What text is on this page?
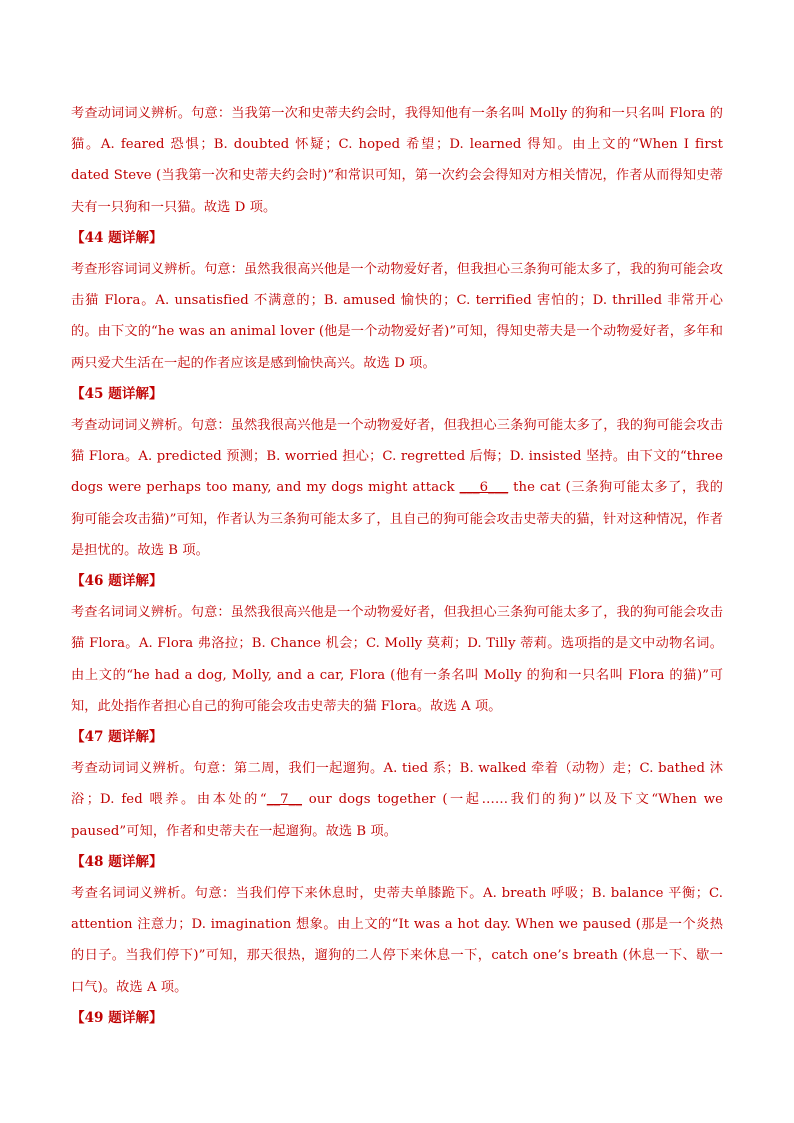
考查动词词义辨析。句意：当我第一次和史蒂夫约会时，我得知他有一条名叫 Molly 的狗和一只名叫 Flora 的猫。A. feared 恐惧；B. doubted 怀疑；C. hoped 希望；D. learned 得知。由上文的“When I first dated Steve (当我第一次和史蒂夫约会时)”和常识可知，第一次约会会得知对方相关情况，作者从而得知史蒂夫有一只狗和一只猫。故选 D 项。

【44 题详解】

考查形容词词义辨析。句意：虽然我很高兴他是一个动物爱好者，但我担心三条狗可能太多了，我的狗可能会攻击猫 Flora。A. unsatisfied 不满意的；B. amused 愉快的；C. terrified 害怕的；D. thrilled 非常开心的。由下文的“he was an animal lover (他是一个动物爱好者)”可知，得知史蒂夫是一个动物爱好者，多年和两只爱犬生活在一起的作者应该是感到愉快高兴。故选 D 项。

【45 题详解】

考查动词词义辨析。句意：虽然我很高兴他是一个动物爱好者，但我担心三条狗可能太多了，我的狗可能会攻击猫 Flora。A. predicted 预测；B. worried 担心；C. regretted 后悔；D. insisted 坚持。由下文的“three dogs were perhaps too many, and my dogs might attack ___6___ the cat (三条狗可能太多了，我的狗可能会攻击猫)”可知，作者认为三条狗可能太多了，且自己的狗可能会攻击史蒂夫的猫，针对这种情况，作者是担忧的。故选 B 项。

【46 题详解】

考查名词词义辨析。句意：虽然我很高兴他是一个动物爱好者，但我担心三条狗可能太多了，我的狗可能会攻击猫 Flora。A. Flora 弗洛拉；B. Chance 机会；C. Molly 莫莉；D. Tilly 蒂莉。选项指的是文中动物名词。由上文的“he had a dog, Molly, and a car, Flora (他有一条名叫 Molly 的狗和一只名叫 Flora 的猫)”可知，此处指作者担心自己的狗可能会攻击史蒂夫的猫 Flora。故选 A 项。

【47 题详解】

考查动词词义辨析。句意：第二周，我们一起遛狗。A. tied 系；B. walked 牵着（动物）走；C. bathed 沐浴；D. fed 喂养。由本处的“__7__ our dogs together (一起……我们的狗)”以及下文“When we paused”可知，作者和史蒂夫在一起遛狗。故选 B 项。

【48 题详解】

考查名词词义辨析。句意：当我们停下来休息时，史蒂夫单膝跪下。A. breath 呼吸；B. balance 平衡；C. attention 注意力；D. imagination 想象。由上文的“It was a hot day. When we paused (那是一个炎热的日子。当我们停下)”可知，那天很热，遛狗的二人停下来休息一下，catch one’s breath (休息一下、歇一口气)。故选 A 项。

【49 题详解】
